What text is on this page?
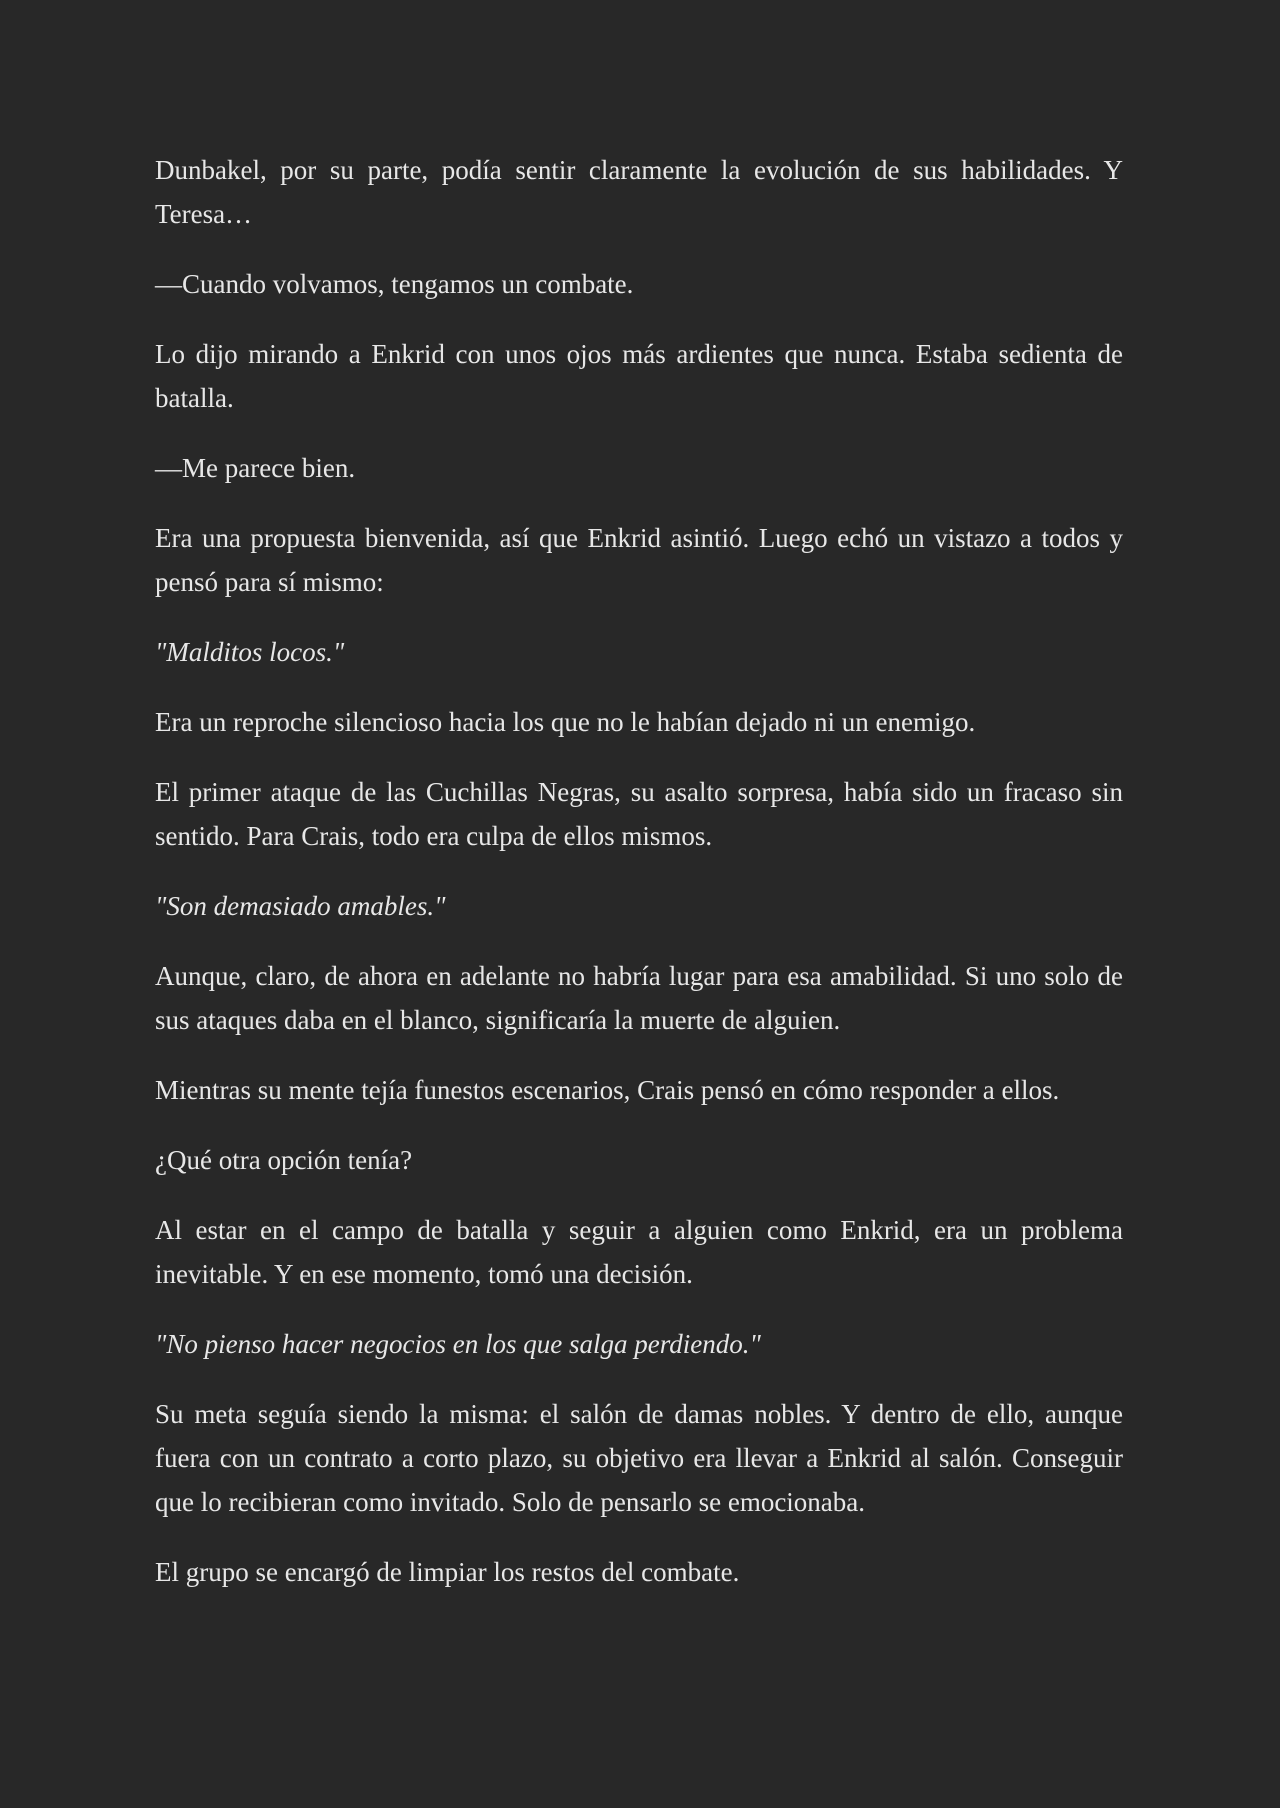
Dunbakel, por su parte, podía sentir claramente la evolución de sus habilidades. Y Teresa…

—Cuando volvamos, tengamos un combate.

Lo dijo mirando a Enkrid con unos ojos más ardientes que nunca. Estaba sedienta de batalla.

—Me parece bien.

Era una propuesta bienvenida, así que Enkrid asintió. Luego echó un vistazo a todos y pensó para sí mismo:

"Malditos locos."

Era un reproche silencioso hacia los que no le habían dejado ni un enemigo.

El primer ataque de las Cuchillas Negras, su asalto sorpresa, había sido un fracaso sin sentido. Para Crais, todo era culpa de ellos mismos.

"Son demasiado amables."

Aunque, claro, de ahora en adelante no habría lugar para esa amabilidad. Si uno solo de sus ataques daba en el blanco, significaría la muerte de alguien.

Mientras su mente tejía funestos escenarios, Crais pensó en cómo responder a ellos.

¿Qué otra opción tenía?

Al estar en el campo de batalla y seguir a alguien como Enkrid, era un problema inevitable. Y en ese momento, tomó una decisión.

"No pienso hacer negocios en los que salga perdiendo."

Su meta seguía siendo la misma: el salón de damas nobles. Y dentro de ello, aunque fuera con un contrato a corto plazo, su objetivo era llevar a Enkrid al salón. Conseguir que lo recibieran como invitado. Solo de pensarlo se emocionaba.

El grupo se encargó de limpiar los restos del combate.
